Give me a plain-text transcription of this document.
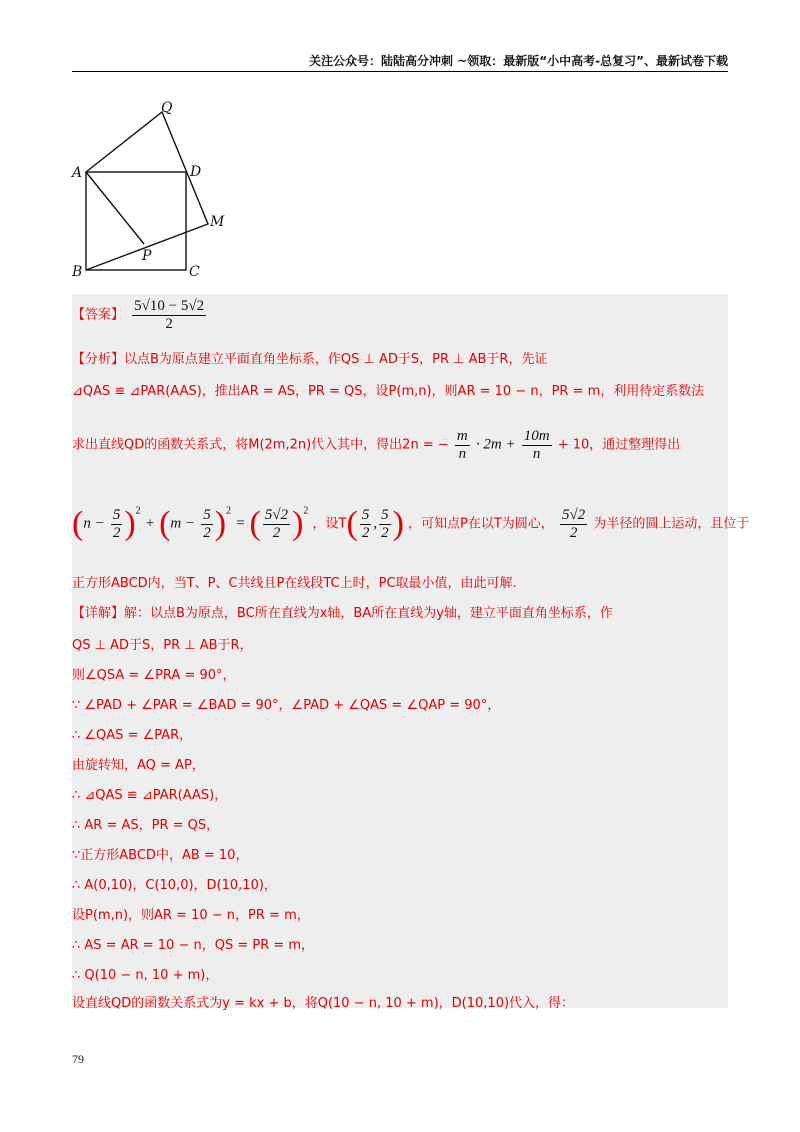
关注公众号：陆陆高分冲刺 ~领取：最新版“小中高考-总复习”、最新试卷下载
Q
A	D
M
P
B	C
【答案】 $\frac{5√10 - 5√2}{2}$
【分析】以点B为原点建立平面直角坐标系，作QS ⊥ AD于S，PR ⊥ AB于R，先证
⊿QAS ≌ ⊿PAR(AAS)，推出AR = AS，PR = QS，设P(m,n)，则AR = 10 − n，PR = m，利用待定系数法
求出直线QD的函数关系式，将M(2m,2n)代入其中，得出2n = − $\frac{m}{n} \cdot 2m + \frac{10m}{n} + 10$，通过整理得出
$(n - \frac{5}{2} )^2 + (m - \frac{5}{2} )^2$ = ( $\frac{5√2}{2} )^2$ ，设$T( \frac{5}{2}$ , $\frac{5}{2}$ ) ，可知点P在以T为圆心， $\frac{5√2}{2}$ 为半径的圆上运动，且位于
正方形ABCD内，当T、P、C共线且P在线段TC上时，PC取最小值，由此可解.
【详解】解：以点B为原点，BC所在直线为x轴，BA所在直线为y轴，建立平面直角坐标系，作
QS ⊥ AD于S，PR ⊥ AB于R，
则∠QSA = ∠PRA = 90°，
∵ ∠PAD + ∠PAR = ∠BAD = 90°，∠PAD + ∠QAS = ∠QAP = 90°，
∴ ∠QAS = ∠PAR，
由旋转知，AQ = AP，
∴ ⊿QAS ≌ ⊿PAR(AAS)，
∴ AR = AS，PR = QS，
∵正方形ABCD中，AB = 10，
∴ A(0,10)，C(10,0)，D(10,10)，
设P(m,n)，则AR = 10 − n，PR = m，
∴ AS = AR = 10 − n，QS = PR = m，
∴ Q(10 − n, 10 + m)，
设直线QD的函数关系式为y = kx + b，将Q(10 − n, 10 + m)，D(10,10)代入，得：
79
